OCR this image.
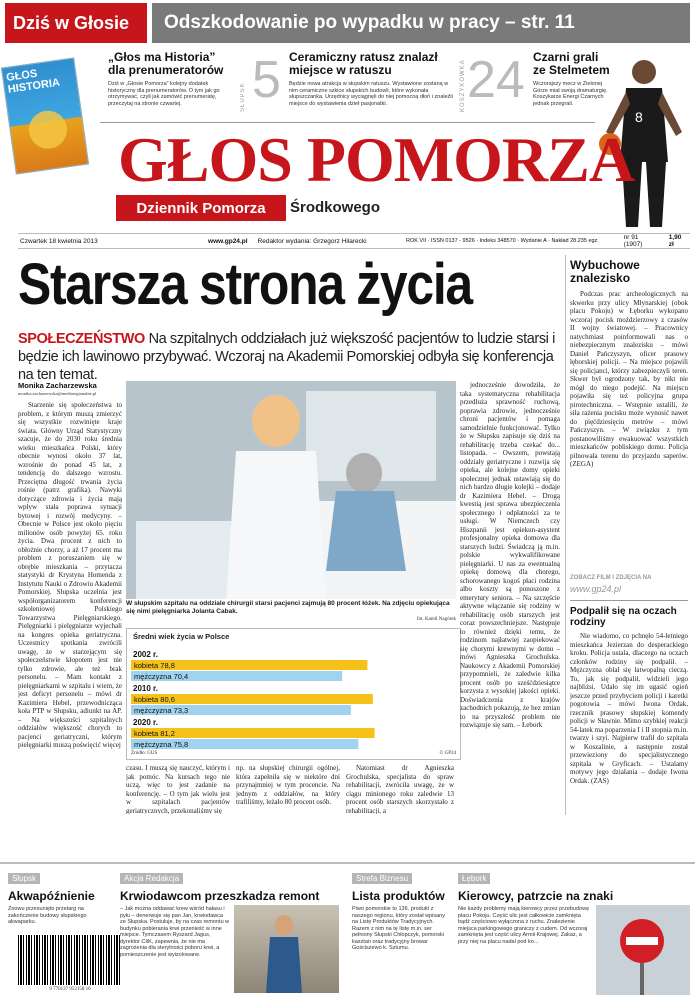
Dziś w Głosie	Odszkodowanie po wypadku w pracy – str. 11
GŁOS HISTORIA
„Głos ma Historia” dla prenumeratorów
Dziś w „Głosie Pomorza” kolejny dodatek historyczny dla prenumeratorów. O tym jak go otrzymywać, czyli jak zamówić prenumeratę, przeczytaj na stronie czwartej.	SŁUPSK 5 Ceramiczny ratusz znalazł miejsce w ratuszu
Będzie nowa atrakcja w słupskim ratuszu. Wystawione zostaną w nim ceramiczne szkice słupskich budowli, które wykonała słupszczanka. Urzędnicy wyciągnęli do niej pomocną dłoń i znaleźli miejsce do wystawienia dzieł pasjonatki.	KOSZYKÓWKA 24 Czarni grali ze Stelmetem
Wczorajszy mecz w Zielonej Górze miał swoją dramaturgię. Koszykarze Energi Czarnych jednak przegrali.
8
GŁOS POMORZA
Dziennik Pomorza	Środkowego
Czwartek 18 kwietnia 2013	www.gp24.pl Redaktor wydania: Grzegorz Hilarecki	ROK VII · ISSN 0137 - 9526 · Indeks 348570 · Wydanie A · Nakład 28.235 egz.	nr 91 (1907)
1,90 zł
Starsza strona życia
SPOŁECZEŃSTWO Na szpitalnych oddziałach już większość pacjentów to ludzie starsi i będzie ich lawinowo przybywać. Wczoraj na Akademii Pomorskiej odbyła się konferencja na ten temat.
Monika Zacharzewska
monika.zacharzewska@mediaregionalne.pl

Starzenie się społeczeństwa to problem, z którym muszą zmierzyć się wszystkie rozwinięte kraje świata. Główny Urząd Statystyczny szacuje, że do 2030 roku średnia wieku mieszkańca Polski, który obecnie wynosi około 37 lat, wzrośnie do ponad 45 lat, z tendencją do dalszego wzrostu. Przeciętna długość trwania życia rośnie (patrz grafika). Nawyki dotyczące zdrowia i życia mają wpływ stała poprawa sytuacji bytowej i rozwój medycyny. – Obecnie w Polsce jest około pięciu milionów osób powyżej 65. roku życia. Dwa procent z nich to obłożnie chorzy, a aż 17 procent ma problem z poruszaniem się w obrębie mieszkania – przytacza statystyki dr Krystyna Homenda z Instytutu Nauki o Zdrowiu Akademii Pomorskiej. Słupska uczelnia jest współorganizatorem konferencji szkoleniowej Polskiego Towarzystwa Pielęgniarskiego. Pielęgniarki i pielęgniarze wyjechali na kongres opieka geriatryczna. Uczestnicy spotkania zwrócili uwagę, że w starzejącym się społeczeństwie kłopotem jest nie tylko zdrowie, ale też brak personelu. – Mam kontakt z pielęgniarkami w szpitalu i wiem, że jest deficyt personelu – mówi dr Kazimiera Hebel, przewodnicząca koła PTP w Słupsku, adiunkt na AP. – Na większości szpitalnych oddziałów większość chorych to pacjenci geriatryczni, którym pielęgniarki muszą poświęcić więcej

W słupskim szpitalu na oddziale chirurgii starsi pacjenci zajmują 80 procent łóżek. Na zdjęciu opiekująca się nimi pielęgniarka Jolanta Cabak.
fot. Kamil Nagórek
Średni wiek życia w Polsce
2002 r.
kobieta 78,8
mężczyzna 70,4
2010 r.
kobieta 80,6
mężczyzna 73,3
2020 r.
kobieta 81,2
mężczyzna 75,8
Źródło: GUS	© GP24

czasu. I muszą się nauczyć, którym i jak pomóc. Na kursach tego nie uczą, więc to jest zadanie na konferencję. – O tym jak wielu jest w szpitalach pacjentów geriatrycznych, przekonaliśmy się

np. na słupskiej chirurgii ogólnej, która zapełniła się w niektóre dni przynajmniej w tym procencie. Na jednym z oddziałów, na który trafiliśmy, leżało 80 procent osób.

Natomiast dr Agnieszka Grochulska, specjalista do spraw rehabilitacji, zwróciła uwagę, że w ciągu minionego roku zaledwie 13 procent osób starszych skorzystało z rehabilitacji, a

jednocześnie dowodziła, że taka systematyczna rehabilitacja przedłuża sprawność ruchową, poprawia zdrowie, jednocześnie chroni pacjentów i pomaga samodzielnie funkcjonować. Tylko że w Słupsku zapisuje się dziś na rehabilitację trzeba czekać do... listopada. – Owszem, powstają oddziały geriatryczne i rozwija się opieka, ale kolejne domy opieki społecznej jednak ustawiają się do nich bardzo długie kolejki – dodaje dr Kazimiera Hebel. – Drogą kwestią jest sprawa ubezpieczenia społecznego i odpłatności za te usługi. W Niemczech czy Hiszpanii jest opiekun-asystent profesjonalny opieka domowa dla starszych ludzi. Świadczą ją m.in. polskie wykwalifikowane pielęgniarki. U nas za ewentualną opiekę domową dla chorego, schorowanego kogoś płaci rodzina albo koszty są ponoszone z emerytury seniora. – Na szczęście aktywne włączanie się rodziny w rehabilitację osób starszych jest coraz powszechniejsze. Następuje to również dzięki temu, że rodzinom najłatwiej zaopiekować się chorymi krewnymi w domu – mówi Agnieszka Grochulska. Naukowcy z Akademii Pomorskiej przypomnieli, że zaledwie kilka procent osób po sześćdziesiątce korzysta z wysokiej jakości opieki. Doświadczenia z krajów zachodnich pokazują, że bez zmian to na przyszłość problem nie rozwiązuje się sam. – Łebork

Wybuchowe znalezisko

Podczas prac archeologicznych na skwerku przy ulicy Młynarskiej (obok placu Pokoju) w Łęborku wykopano wczoraj pocisk moździerzowy z czasów II wojny światowej. – Pracownicy natychmiast poinformowali nas o niebezpiecznym znalezisku – mówi Daniel Pańczyszyn, oficer prasowy łęborskiej policji. – Na miejsce pojawili się policjanci, którzy zabezpieczyli teren. Skwer był ogrodzony tak, by nikt nie mógł do niego podejść. Na miejscu pojawiła się też policyjna grupa pirotechniczna. – Wstępnie ustalili, że siła rażenia pocisku może wynosić nawet do pięćdziesięciu metrów – mówi Pańczyszyn. – W związku z tym postanowiliśmy ewakuować wszystkich mieszkańców pobliskiego domu. Policja pilnowała terenu do przyjazdu saperów. (ZEGA)

ZOBACZ FILM I ZDJĘCIA NA
www.gp24.pl
Podpalił się na oczach rodziny

Nie wiadomo, co pchnęło 54-letniego mieszkańca Jezierzan do desperackiego kroku. Policja ustala, dlaczego na oczach członków rodziny się podpalił. – Mężczyzna oblał się łatwopalną cieczą. To, jak się podpalił, widzieli jego najbliżsi. Udało się im ugasić ogień jeszcze przed przybyciem policji i karetki pogotowia – mówi Iwona Ordak, rzecznik prasowy słupskiej komendy policji w Sławnie. Mimo szybkiej reakcji 54-latek ma poparzenia I i II stopnia m.in. twarzy i szyi. Najpierw trafił do szpitala w Koszalinie, a następnie został przewieziony do specjalistycznego szpitala w Gryficach. – Ustalamy motywy jego działania – dodaje Iwona Ordak. (ZAS)

Słupsk
Akwapóźnienie
Znowu przesunięto przetarg na zakończenie budowy słupskiego akwaparku.
9 770137 952158 16
Akcja Redakcja
Krwiodawcom przeszkadza remont
– Jak można oddawać krew wśród hałasu i pyłu – denerwuje się pan Jan, krwiodawca ze Słupska. Postuluje, by na czas remontu w budynku pobierania krwi przenieść w inne miejsce. Tymczasem Ryszard Jagus, dyrektor CIiK, zapewnia, że nie ma zagrożenia dla sterylności poboru krwi, a pomieszczenie jest wyizolowane.
Strefa Biznesu
Lista produktów
Piwo pomorskie to 136. produkt z naszego regionu, który został wpisany na Listę Produktów Tradycyjnych. Razem z nim na tę listę m.in. ser pełniony Słupski Chłopczyk, pomorski kasztan oraz tradycyjny browar Gościszewo k. Sztumu.
Łębork
Kierowcy, patrzcie na znaki
Nie każdy problemy mają kierowcy przez przebudowę placu Pokoju. Część ulic jest całkowicie zamknięta bądź częściowo wyłączona z ruchu. Znalezienie miejsca parkingowego graniczy z cudem. Od wczoraj zamknięta jest część ulicy Armii Krajowej. Zakaz, a przy niej na placu nadal pod ko...
